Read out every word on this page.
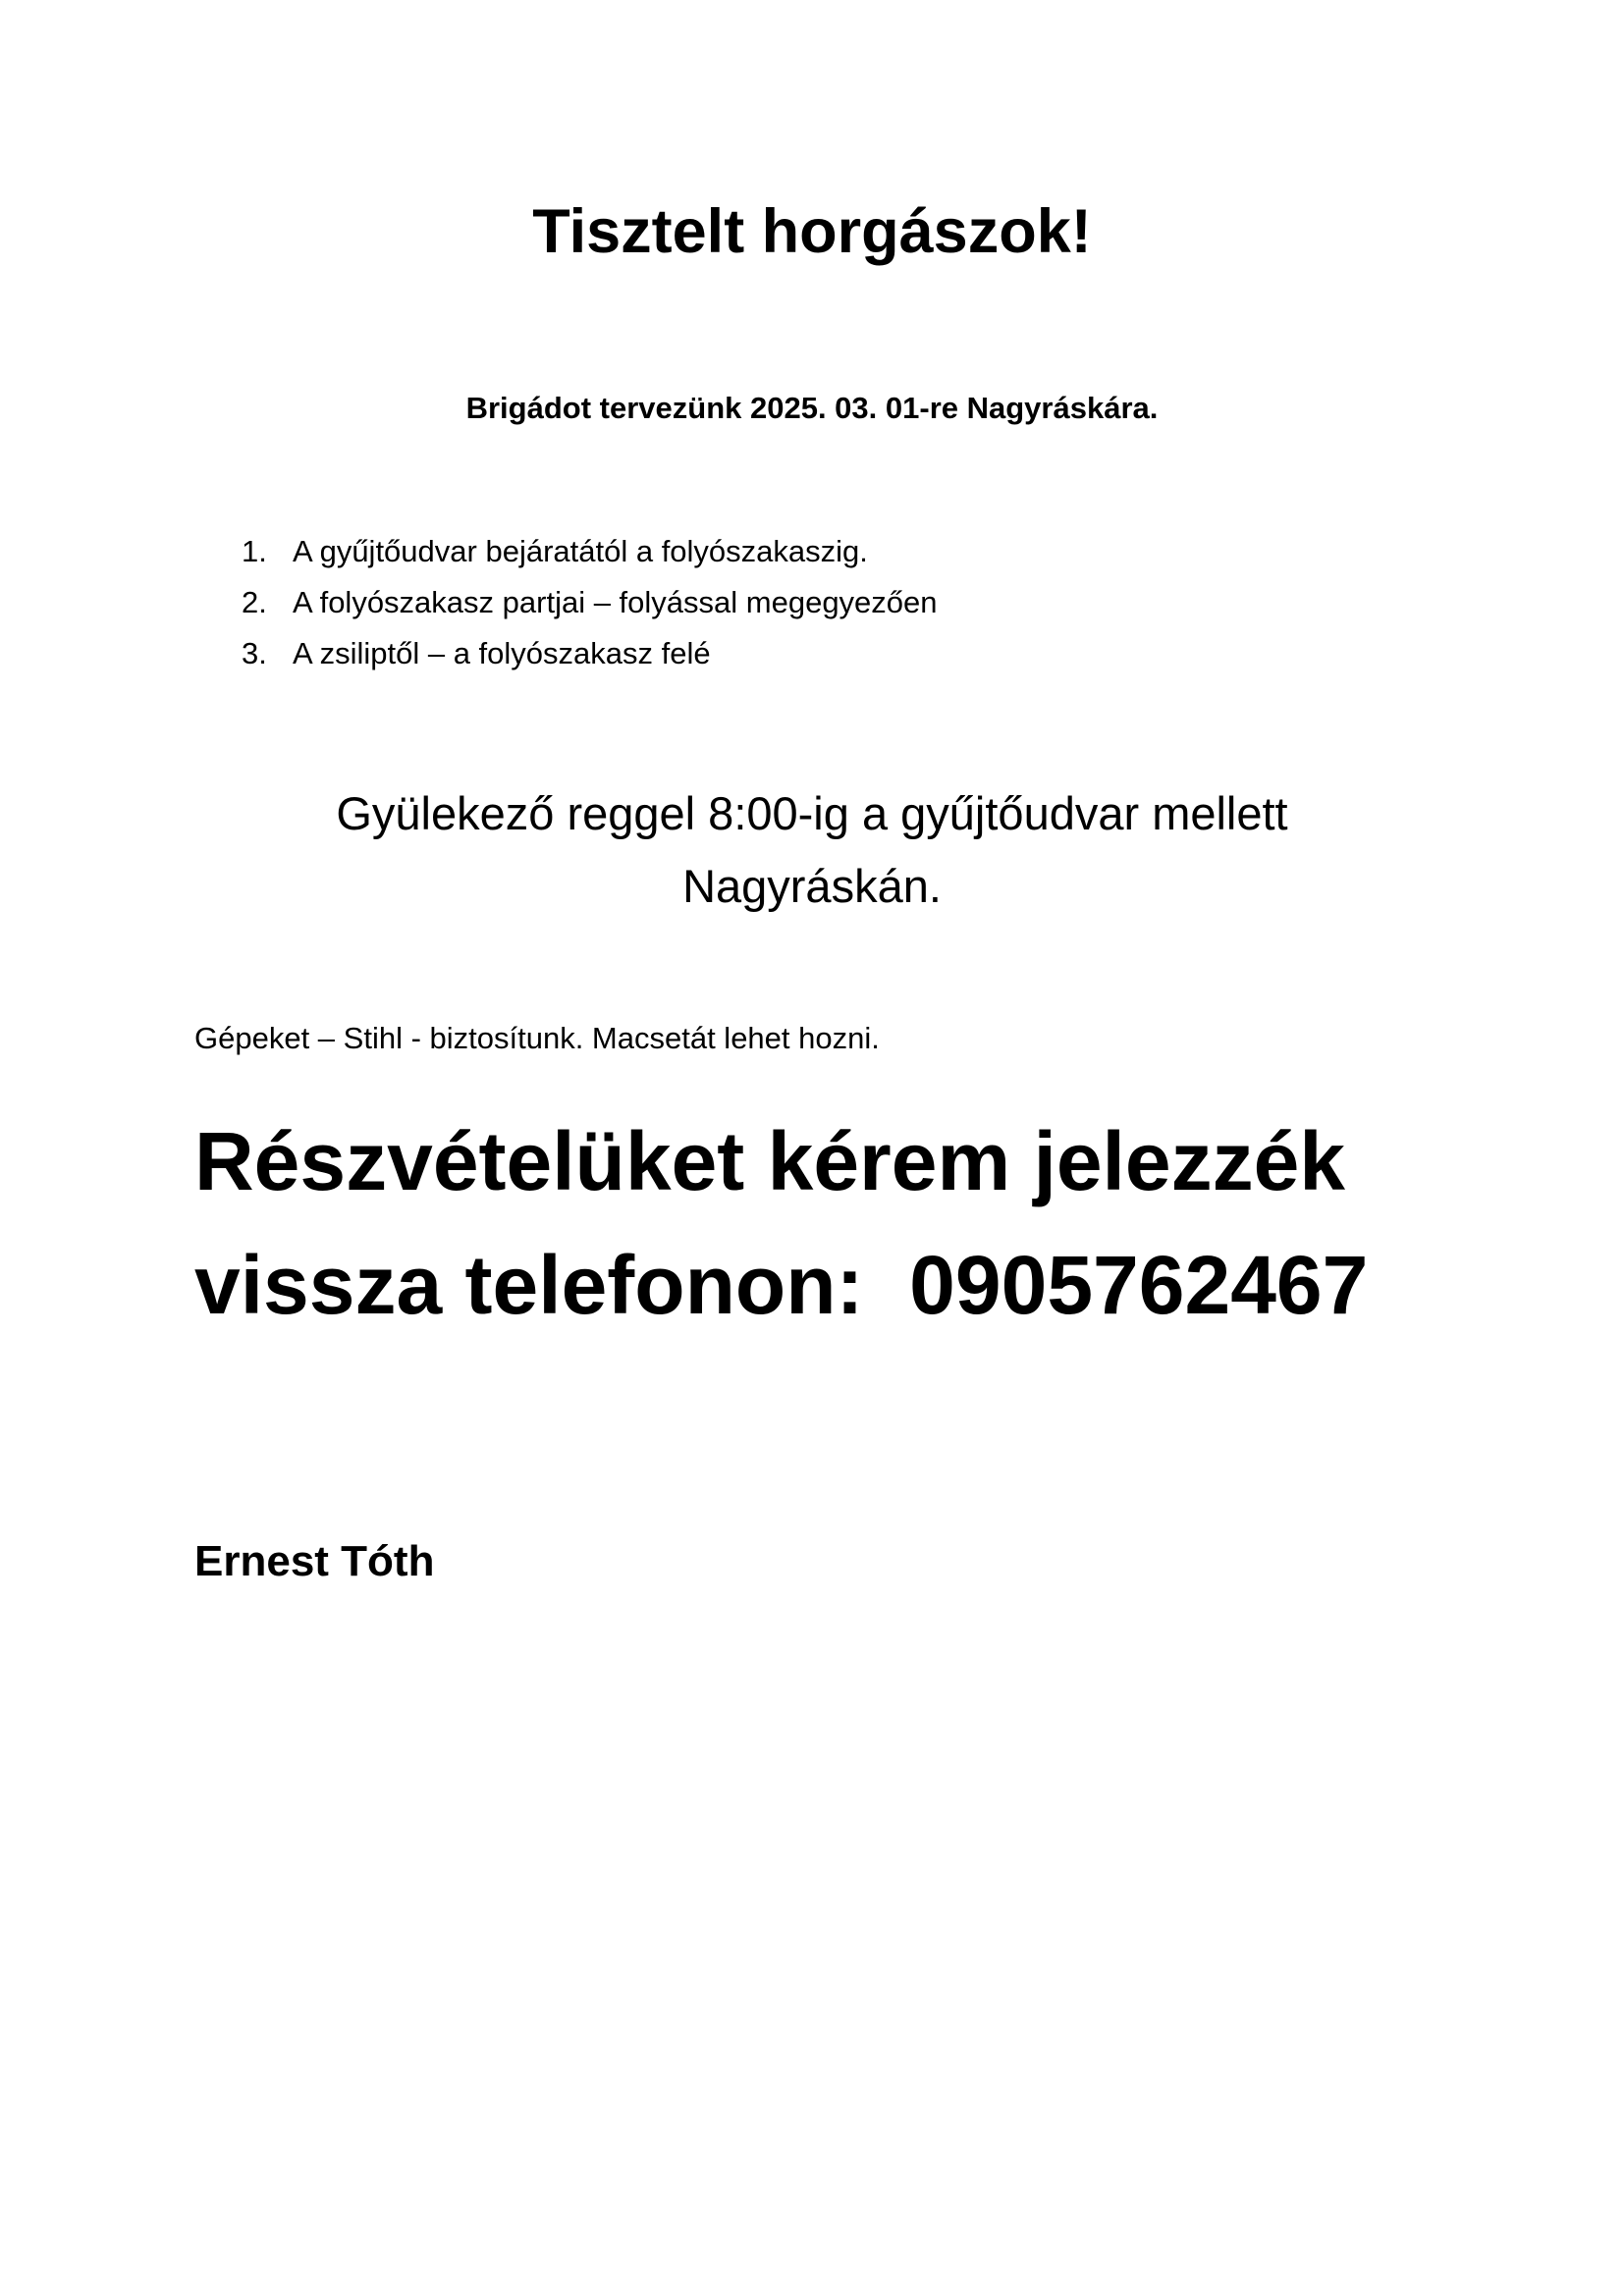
Tisztelt horgászok!
Brigádot tervezünk 2025. 03. 01-re Nagyráskára.
1. A gyűjtőudvar bejáratától a folyószakaszig.
2. A folyószakasz partjai – folyással megegyezően
3. A zsiliptől – a folyószakasz felé
Gyülekező reggel 8:00-ig a gyűjtőudvar mellett
Nagyráskán.
Gépeket – Stihl - biztosítunk. Macsetát lehet hozni.
Részvételüket kérem jelezzék
vissza telefonon: 0905762467
Ernest Tóth
